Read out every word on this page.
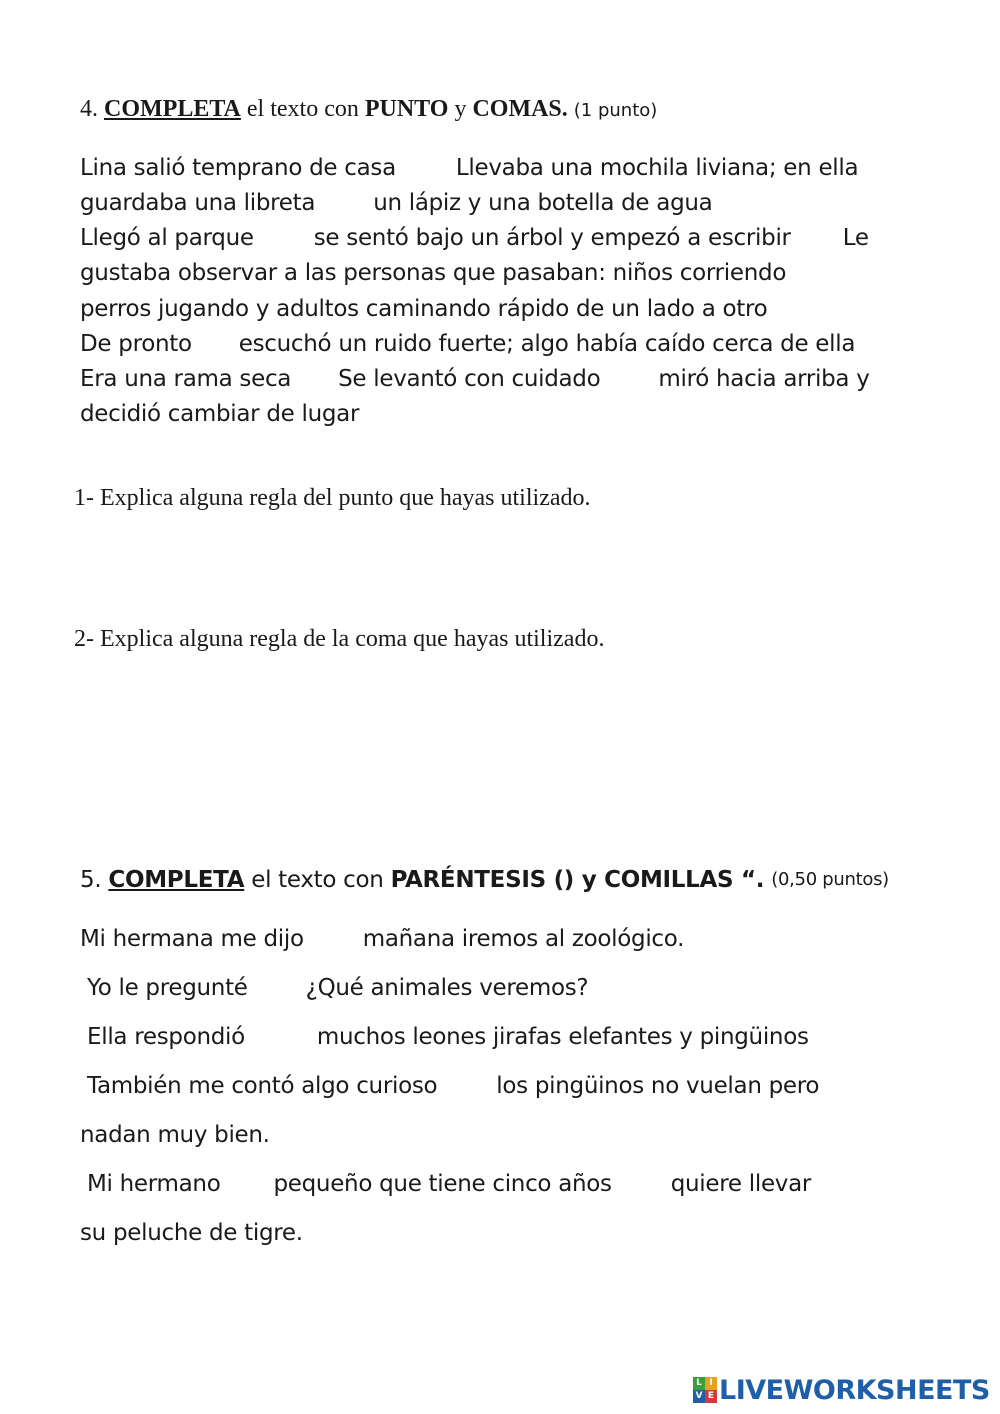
4. COMPLETA el texto con PUNTO y COMAS. (1 punto)
Lina salió temprano de casa	Llevaba una mochila liviana; en ella
guardaba una libreta	un lápiz y una botella de agua
Llegó al parque	se sentó bajo un árbol y empezó a escribir Le
gustaba observar a las personas que pasaban: niños corriendo
perros jugando y adultos caminando rápido de un lado a otro
De pronto escuchó un ruido fuerte; algo había caído cerca de ella
Era una rama seca Se levantó con cuidado	miró hacia arriba y
decidió cambiar de lugar
1- Explica alguna regla del punto que hayas utilizado.
2- Explica alguna regla de la coma que hayas utilizado.
5. COMPLETA el texto con PARÉNTESIS () y COMILLAS “. (0,50 puntos)
Mi hermana me dijo	mañana iremos al zoológico.
Yo le pregunté	¿Qué animales veremos?
Ella respondió	muchos leones jirafas elefantes y pingüinos
También me contó algo curioso	los pingüinos no vuelan pero
nadan muy bien.
Mi hermano pequeño que tiene cinco años	quiere llevar
su peluche de tigre.
L I
V E LIVEWORKSHEETS
